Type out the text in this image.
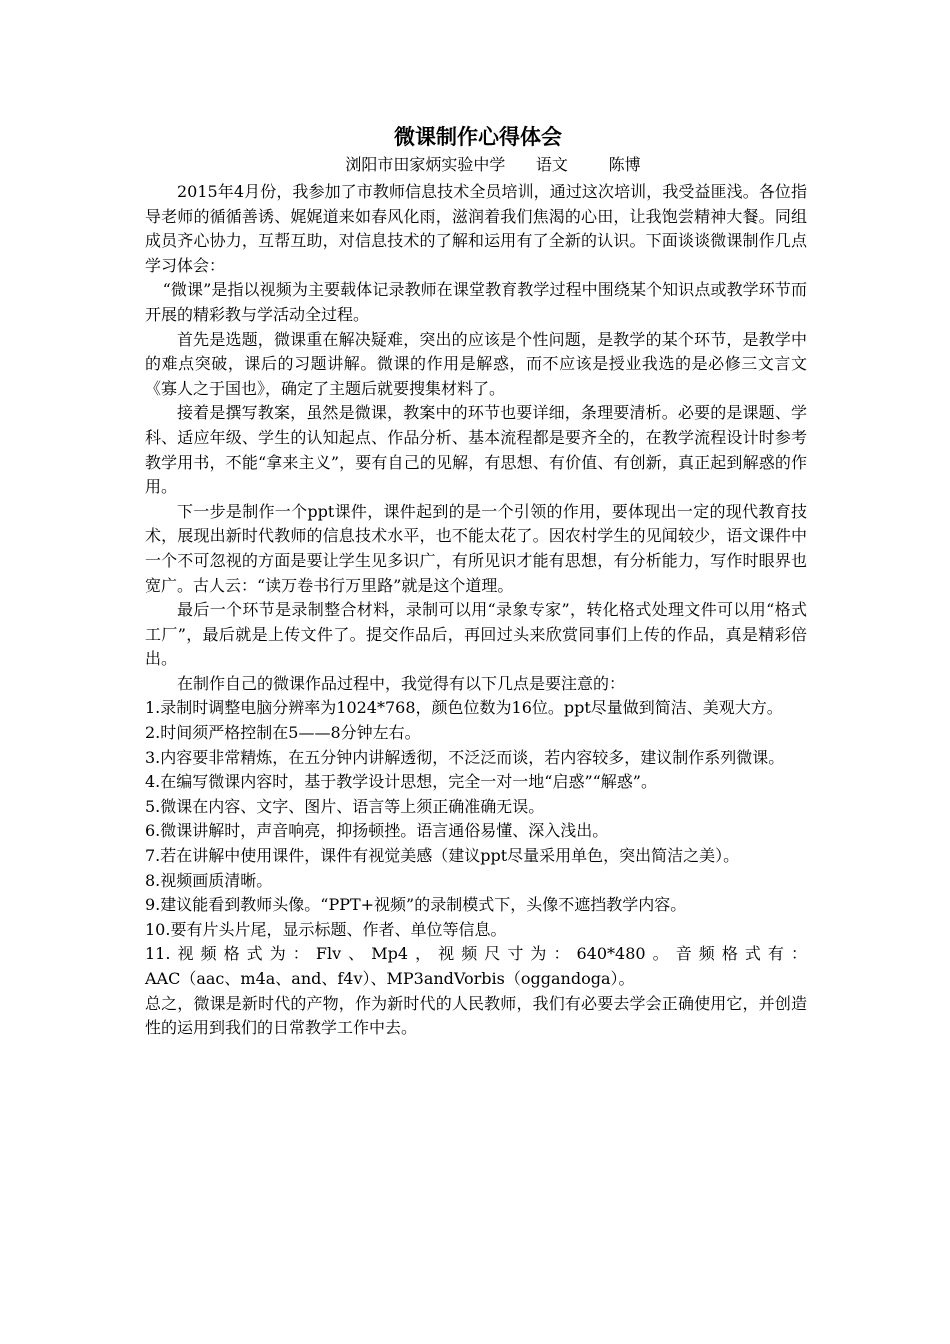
微课制作心得体会

浏阳市田家炳实验中学      语文        陈博

2015年4月份，我参加了市教师信息技术全员培训，通过这次培训，我受益匪浅。各位指导老师的循循善诱、娓娓道来如春风化雨，滋润着我们焦渴的心田，让我饱尝精神大餐。同组成员齐心协力，互帮互助，对信息技术的了解和运用有了全新的认识。下面谈谈微课制作几点学习体会：

“微课”是指以视频为主要载体记录教师在课堂教育教学过程中围绕某个知识点或教学环节而开展的精彩教与学活动全过程。

首先是选题，微课重在解决疑难，突出的应该是个性问题，是教学的某个环节，是教学中的难点突破，课后的习题讲解。微课的作用是解惑，而不应该是授业我选的是必修三文言文《寡人之于国也》，确定了主题后就要搜集材料了。

接着是撰写教案，虽然是微课，教案中的环节也要详细，条理要清析。必要的是课题、学科、适应年级、学生的认知起点、作品分析、基本流程都是要齐全的，在教学流程设计时参考教学用书，不能“拿来主义”，要有自己的见解，有思想、有价值、有创新，真正起到解惑的作用。

下一步是制作一个ppt课件，课件起到的是一个引领的作用，要体现出一定的现代教育技术，展现出新时代教师的信息技术水平，也不能太花了。因农村学生的见闻较少，语文课件中一个不可忽视的方面是要让学生见多识广，有所见识才能有思想，有分析能力，写作时眼界也宽广。古人云：“读万卷书行万里路”就是这个道理。

最后一个环节是录制整合材料，录制可以用“录象专家”，转化格式处理文件可以用“格式工厂”，最后就是上传文件了。提交作品后，再回过头来欣赏同事们上传的作品，真是精彩倍出。

在制作自己的微课作品过程中，我觉得有以下几点是要注意的：

1.录制时调整电脑分辨率为1024*768，颜色位数为16位。ppt尽量做到简洁、美观大方。

2.时间须严格控制在5——8分钟左右。

3.内容要非常精炼，在五分钟内讲解透彻，不泛泛而谈，若内容较多，建议制作系列微课。

4.在编写微课内容时，基于教学设计思想，完全一对一地“启惑”“解惑”。

5.微课在内容、文字、图片、语言等上须正确准确无误。

6.微课讲解时，声音响亮，抑扬顿挫。语言通俗易懂、深入浅出。

7.若在讲解中使用课件，课件有视觉美感（建议ppt尽量采用单色，突出简洁之美）。

8.视频画质清晰。

9.建议能看到教师头像。“PPT+视频”的录制模式下，头像不遮挡教学内容。

10.要有片头片尾，显示标题、作者、单位等信息。

11.视频格式为：Flv、Mp4，视频尺寸为：640*480。音频格式有：

AAC（aac、m4a、and、f4v）、MP3andVorbis（oggandoga）。

总之，微课是新时代的产物，作为新时代的人民教师，我们有必要去学会正确使用它，并创造性的运用到我们的日常教学工作中去。
